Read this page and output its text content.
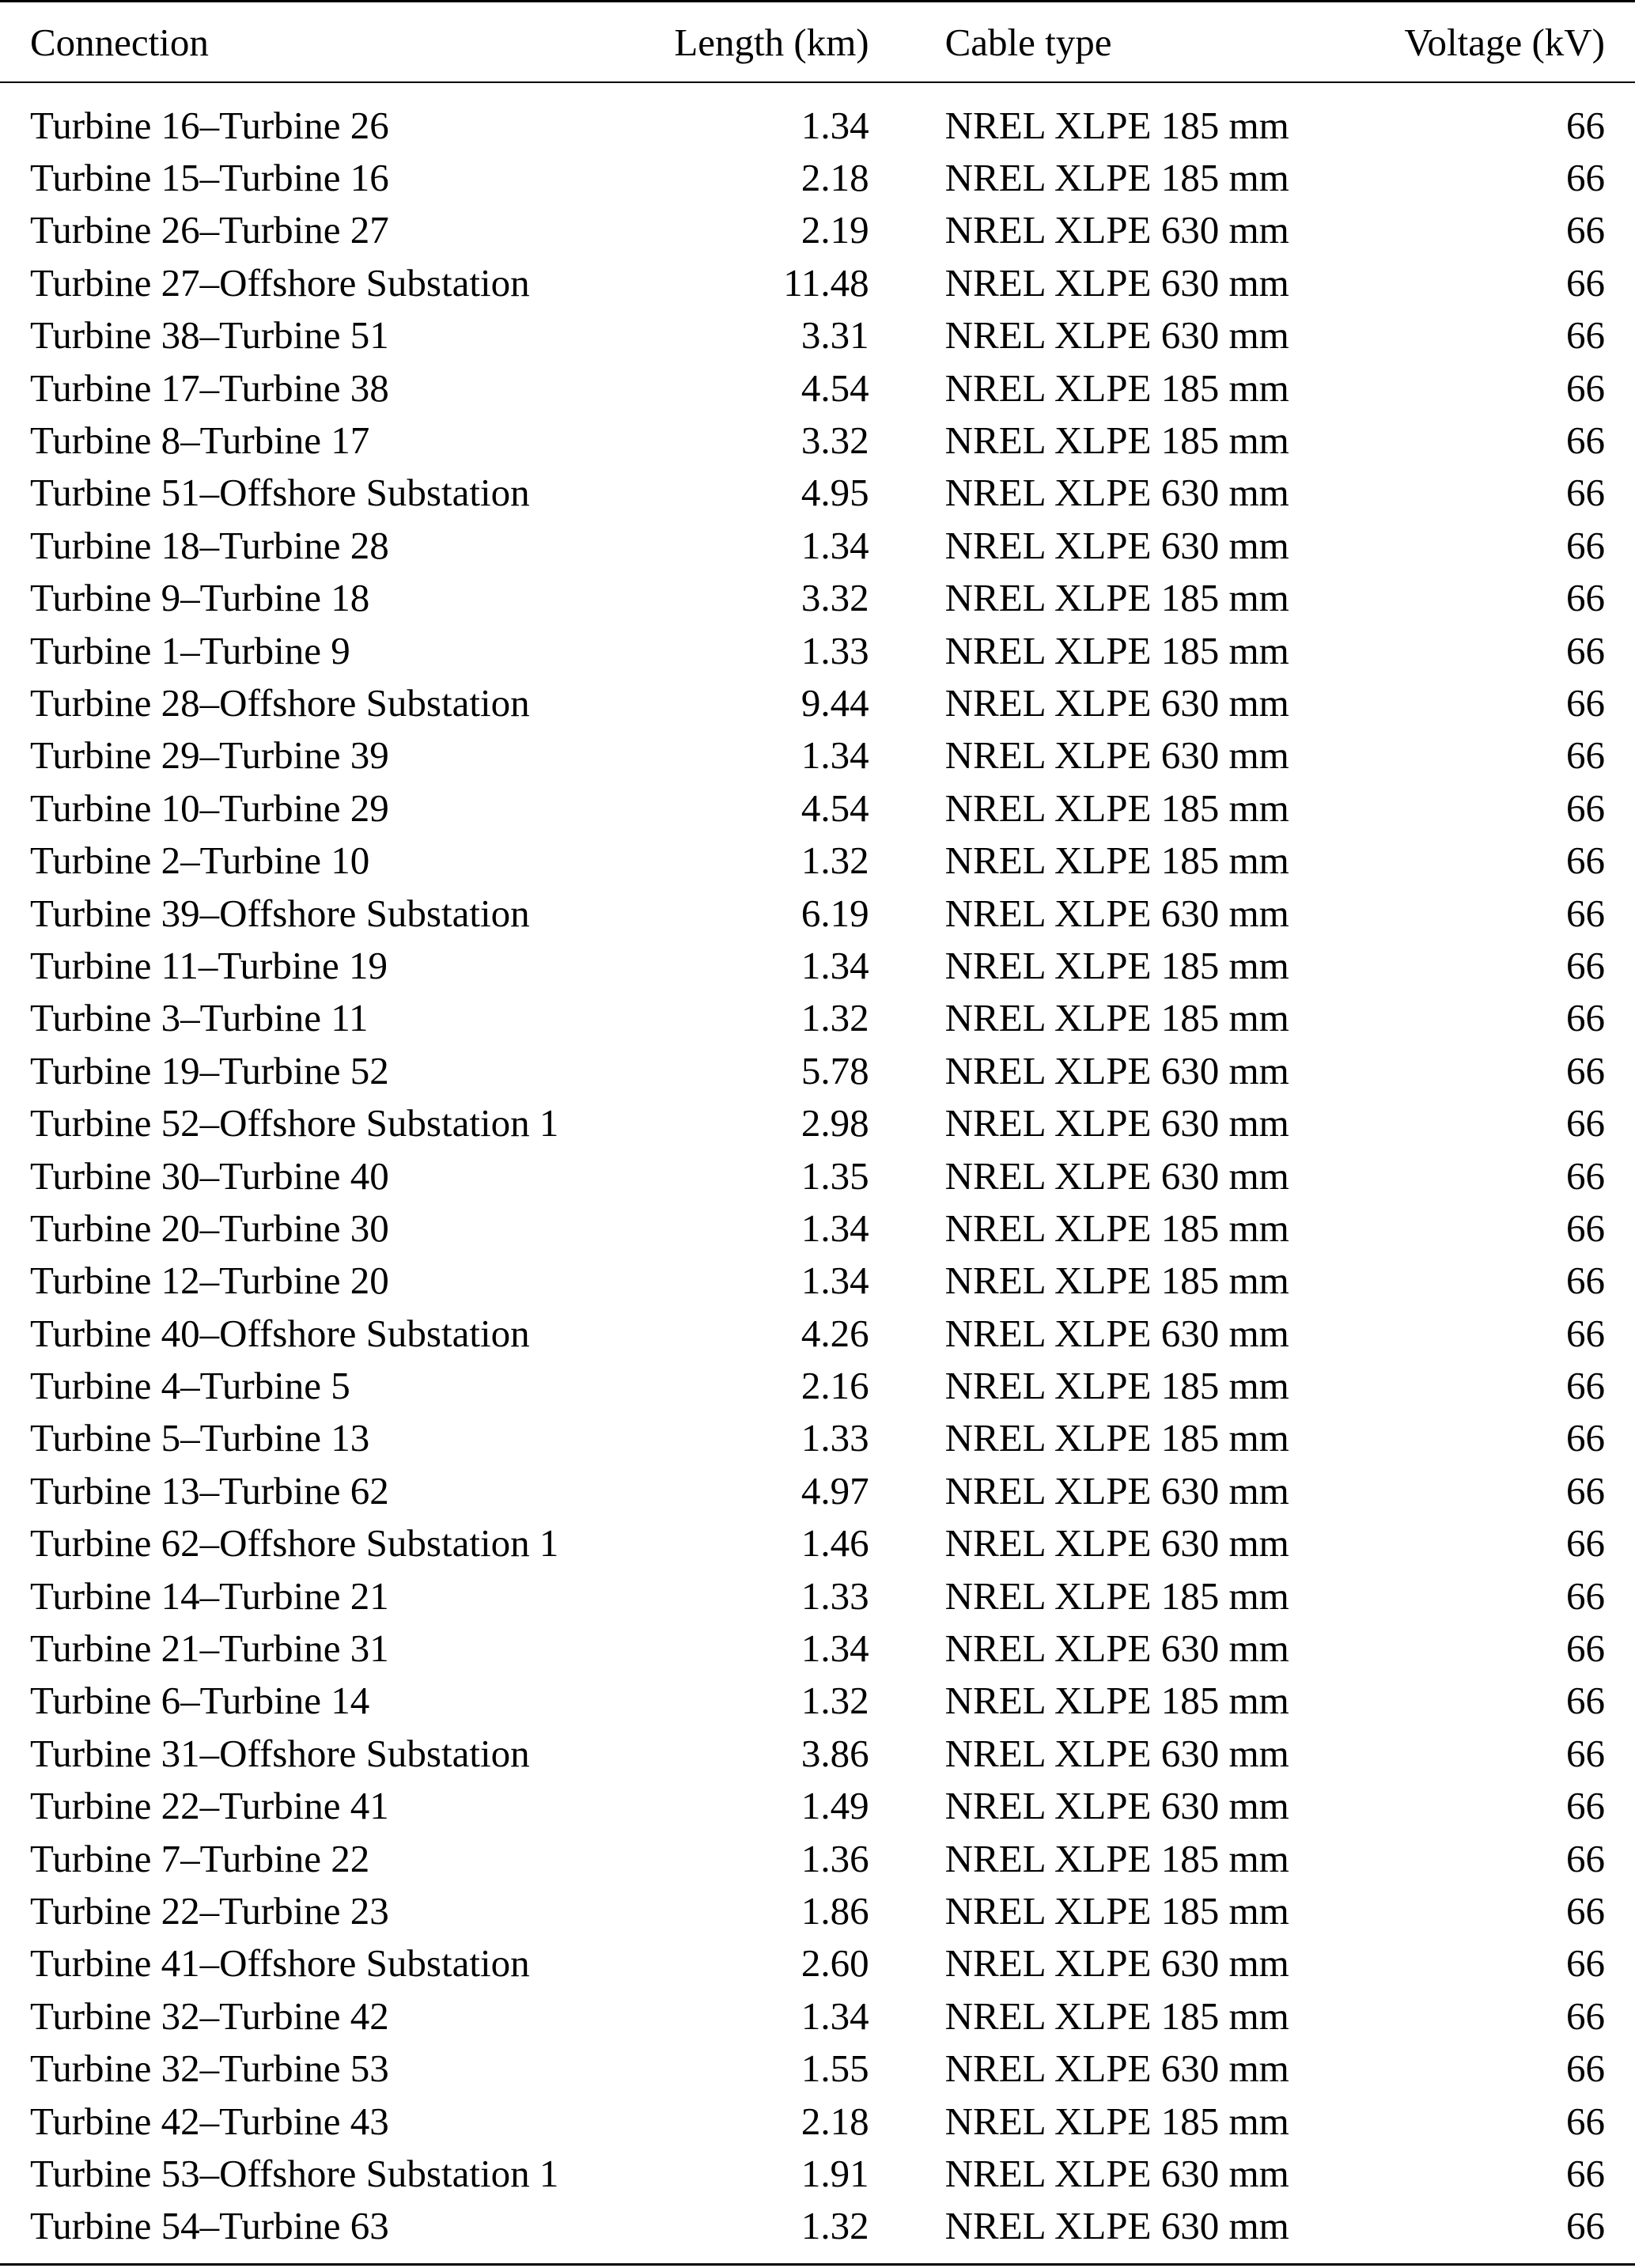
Connection	Length (km)	Cable type	Voltage (kV)

Turbine 16–Turbine 26	1.34	NREL XLPE 185 mm	66
Turbine 15–Turbine 16	2.18	NREL XLPE 185 mm	66
Turbine 26–Turbine 27	2.19	NREL XLPE 630 mm	66
Turbine 27–Offshore Substation	11.48	NREL XLPE 630 mm	66
Turbine 38–Turbine 51	3.31	NREL XLPE 630 mm	66
Turbine 17–Turbine 38	4.54	NREL XLPE 185 mm	66
Turbine 8–Turbine 17	3.32	NREL XLPE 185 mm	66
Turbine 51–Offshore Substation	4.95	NREL XLPE 630 mm	66
Turbine 18–Turbine 28	1.34	NREL XLPE 630 mm	66
Turbine 9–Turbine 18	3.32	NREL XLPE 185 mm	66
Turbine 1–Turbine 9	1.33	NREL XLPE 185 mm	66
Turbine 28–Offshore Substation	9.44	NREL XLPE 630 mm	66
Turbine 29–Turbine 39	1.34	NREL XLPE 630 mm	66
Turbine 10–Turbine 29	4.54	NREL XLPE 185 mm	66
Turbine 2–Turbine 10	1.32	NREL XLPE 185 mm	66
Turbine 39–Offshore Substation	6.19	NREL XLPE 630 mm	66
Turbine 11–Turbine 19	1.34	NREL XLPE 185 mm	66
Turbine 3–Turbine 11	1.32	NREL XLPE 185 mm	66
Turbine 19–Turbine 52	5.78	NREL XLPE 630 mm	66
Turbine 52–Offshore Substation 1	2.98	NREL XLPE 630 mm	66
Turbine 30–Turbine 40	1.35	NREL XLPE 630 mm	66
Turbine 20–Turbine 30	1.34	NREL XLPE 185 mm	66
Turbine 12–Turbine 20	1.34	NREL XLPE 185 mm	66
Turbine 40–Offshore Substation	4.26	NREL XLPE 630 mm	66
Turbine 4–Turbine 5	2.16	NREL XLPE 185 mm	66
Turbine 5–Turbine 13	1.33	NREL XLPE 185 mm	66
Turbine 13–Turbine 62	4.97	NREL XLPE 630 mm	66
Turbine 62–Offshore Substation 1	1.46	NREL XLPE 630 mm	66
Turbine 14–Turbine 21	1.33	NREL XLPE 185 mm	66
Turbine 21–Turbine 31	1.34	NREL XLPE 630 mm	66
Turbine 6–Turbine 14	1.32	NREL XLPE 185 mm	66
Turbine 31–Offshore Substation	3.86	NREL XLPE 630 mm	66
Turbine 22–Turbine 41	1.49	NREL XLPE 630 mm	66
Turbine 7–Turbine 22	1.36	NREL XLPE 185 mm	66
Turbine 22–Turbine 23	1.86	NREL XLPE 185 mm	66
Turbine 41–Offshore Substation	2.60	NREL XLPE 630 mm	66
Turbine 32–Turbine 42	1.34	NREL XLPE 185 mm	66
Turbine 32–Turbine 53	1.55	NREL XLPE 630 mm	66
Turbine 42–Turbine 43	2.18	NREL XLPE 185 mm	66
Turbine 53–Offshore Substation 1	1.91	NREL XLPE 630 mm	66
Turbine 54–Turbine 63	1.32	NREL XLPE 630 mm	66
